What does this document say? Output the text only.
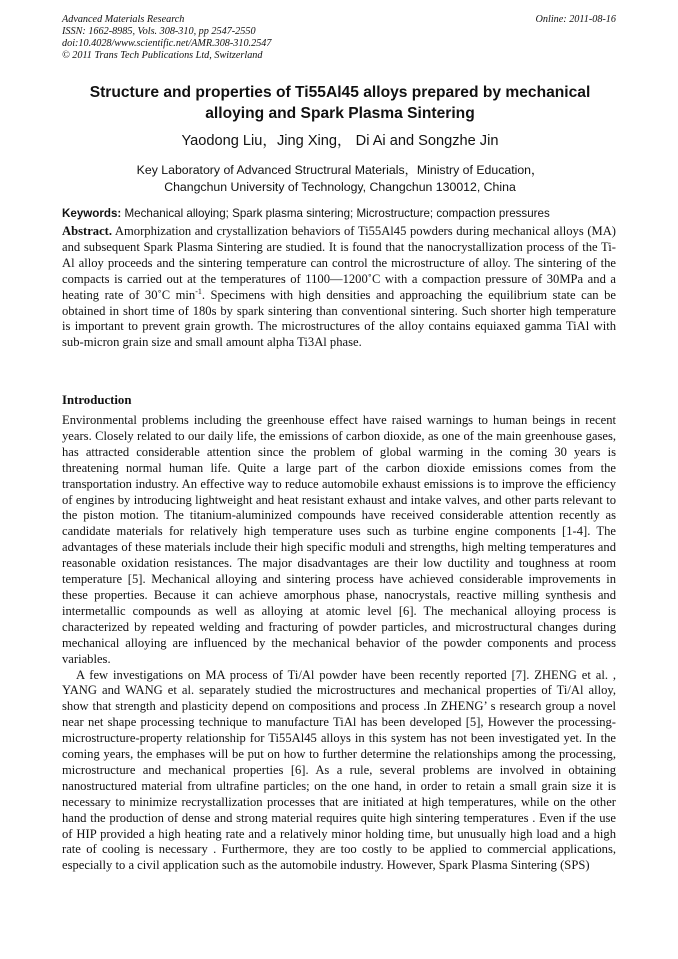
Advanced Materials Research
ISSN: 1662-8985, Vols. 308-310, pp 2547-2550
doi:10.4028/www.scientific.net/AMR.308-310.2547
© 2011 Trans Tech Publications Ltd, Switzerland
Online: 2011-08-16
Structure and properties of Ti55Al45 alloys prepared by mechanical alloying and Spark Plasma Sintering
Yaodong Liu，Jing Xing， Di Ai and Songzhe Jin
Key Laboratory of Advanced Structrural Materials，Ministry of Education，
Changchun University of Technology, Changchun 130012, China
Keywords: Mechanical alloying; Spark plasma sintering; Microstructure; compaction pressures
Abstract. Amorphization and crystallization behaviors of Ti55Al45 powders during mechanical alloys (MA) and subsequent Spark Plasma Sintering are studied. It is found that the nanocrystallization process of the Ti-Al alloy proceeds and the sintering temperature can control the microstructure of alloy. The sintering of the compacts is carried out at the temperatures of 1100—1200˚C with a compaction pressure of 30MPa and a heating rate of 30˚C $\min^{-1}$. Specimens with high densities and approaching the equilibrium state can be obtained in short time of 180s by spark sintering than conventional sintering. Such shorter high temperature is important to prevent grain growth. The microstructures of the alloy contains equiaxed gamma TiAl with sub-micron grain size and small amount alpha Ti3Al phase.
Introduction

Environmental problems including the greenhouse effect have raised warnings to human beings in recent years. Closely related to our daily life, the emissions of carbon dioxide, as one of the main greenhouse gases, has attracted considerable attention since the problem of global warming in the coming 30 years is threatening normal human life. Quite a large part of the carbon dioxide emissions comes from the transportation industry. An effective way to reduce automobile exhaust emissions is to improve the efficiency of engines by introducing lightweight and heat resistant exhaust and intake valves, and other parts relevant to the piston motion. The titanium-aluminized compounds have received considerable attention recently as candidate materials for relatively high temperature uses such as turbine engine components [1-4]. The advantages of these materials include their high specific moduli and strengths, high melting temperatures and reasonable oxidation resistances. The major disadvantages are their low ductility and toughness at room temperature [5]. Mechanical alloying and sintering process have achieved considerable improvements in these properties. Because it can achieve amorphous phase, nanocrystals, reactive milling synthesis and intermetallic compounds as well as alloying at atomic level [6]. The mechanical alloying process is characterized by repeated welding and fracturing of powder particles, and microstructural changes during mechanical alloying are influenced by the mechanical behavior of the powder components and process variables.

A few investigations on MA process of Ti/Al powder have been recently reported [7]. ZHENG et al. , YANG and WANG et al. separately studied the microstructures and mechanical properties of Ti/Al alloy, show that strength and plasticity depend on compositions and process .In ZHENG’ s research group a novel near net shape processing technique to manufacture TiAl has been developed [5], However the processing-microstructure-property relationship for Ti55Al45 alloys in this system has not been investigated yet. In the coming years, the emphases will be put on how to further determine the relationships among the processing, microstructure and mechanical properties [6]. As a rule, several problems are involved in obtaining nanostructured material from ultrafine particles; on the one hand, in order to retain a small grain size it is necessary to minimize recrystallization processes that are initiated at high temperatures, while on the other hand the production of dense and strong material requires quite high sintering temperatures . Even if the use of HIP provided a high heating rate and a relatively minor holding time, but unusually high load and a high rate of cooling is necessary . Furthermore, they are too costly to be applied to commercial applications, especially to a civil application such as the automobile industry. However, Spark Plasma Sintering (SPS)
